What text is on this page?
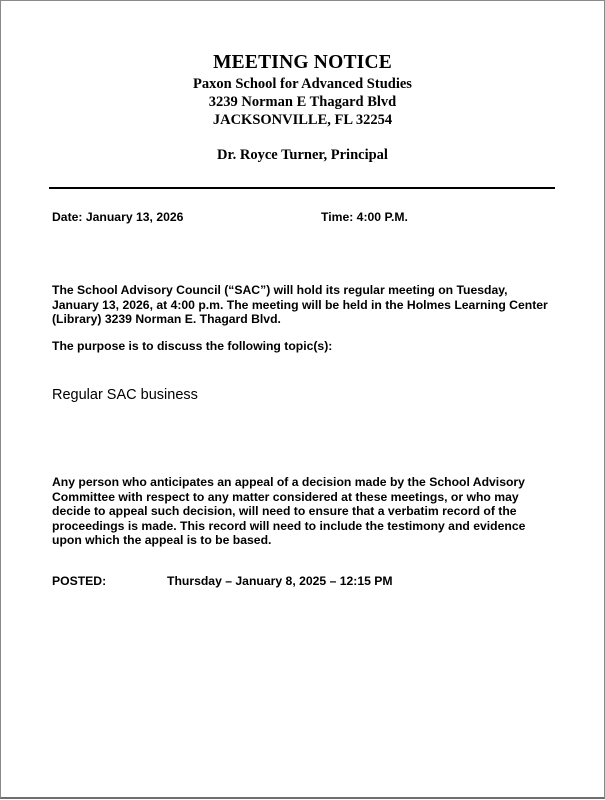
MEETING NOTICE
Paxon School for Advanced Studies
3239 Norman E Thagard Blvd
JACKSONVILLE, FL 32254
Dr. Royce Turner, Principal
Date: January 13, 2026	Time: 4:00 P.M.
The School Advisory Council (“SAC”) will hold its regular meeting on Tuesday,
January 13, 2026, at 4:00 p.m. The meeting will be held in the Holmes Learning Center
(Library) 3239 Norman E. Thagard Blvd.
The purpose is to discuss the following topic(s):
Regular SAC business
Any person who anticipates an appeal of a decision made by the School Advisory
Committee with respect to any matter considered at these meetings, or who may
decide to appeal such decision, will need to ensure that a verbatim record of the
proceedings is made. This record will need to include the testimony and evidence
upon which the appeal is to be based.
POSTED:	Thursday – January 8, 2025 – 12:15 PM
